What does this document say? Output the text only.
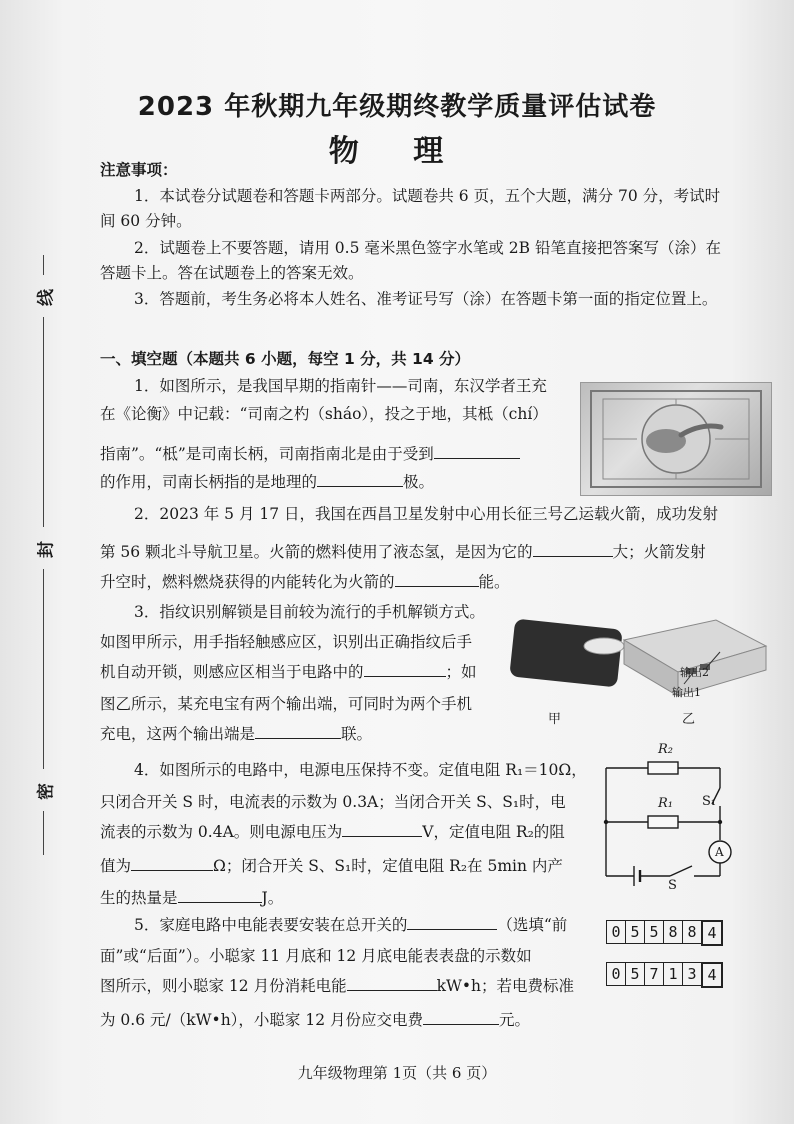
2023 年秋期九年级期终教学质量评估试卷
物 理
线
封
密
注意事项：
1．本试卷分试题卷和答题卡两部分。试题卷共 6 页，五个大题，满分 70 分，考试时
间 60 分钟。
2．试题卷上不要答题，请用 0.5 毫米黑色签字水笔或 2B 铅笔直接把答案写（涂）在
答题卡上。答在试题卷上的答案无效。
3．答题前，考生务必将本人姓名、准考证号写（涂）在答题卡第一面的指定位置上。
一、填空题（本题共 6 小题，每空 1 分，共 14 分）
1．如图所示，是我国早期的指南针——司南，东汉学者王充
在《论衡》中记载：“司南之杓（sháo），投之于地，其柢（chí）
指南”。“柢”是司南长柄，司南指南北是由于受到
的作用，司南长柄指的是地理的	极。
2．2023 年 5 月 17 日，我国在西昌卫星发射中心用长征三号乙运载火箭，成功发射
第 56 颗北斗导航卫星。火箭的燃料使用了液态氢，是因为它的	大；火箭发射
升空时，燃料燃烧获得的内能转化为火箭的	能。
3．指纹识别解锁是目前较为流行的手机解锁方式。
如图甲所示，用手指轻触感应区，识别出正确指纹后手
机自动开锁，则感应区相当于电路中的	；如
图乙所示，某充电宝有两个输出端，可同时为两个手机
充电，这两个输出端是	联。
输出2
输出1
甲	乙
4．如图所示的电路中，电源电压保持不变。定值电阻 R₁＝10Ω，
只闭合开关 S 时，电流表的示数为 0.3A；当闭合开关 S、S₁时，电
流表的示数为 0.4A。则电源电压为	V，定值电阻 R₂的阻
值为	Ω；闭合开关 S、S₁时，定值电阻 R₂在 5min 内产
生的热量是	J。
R₂
R₁ S₁
A
S
5．家庭电路中电能表要安装在总开关的	（选填“前
面”或“后面”）。小聪家 11 月底和 12 月底电能表表盘的示数如
图所示，则小聪家 12 月份消耗电能	kW•h；若电费标准
为 0.6 元/（kW•h），小聪家 12 月份应交电费	元。
0 5 5 8 8 4
0 5 7 1 3 4
九年级物理第 1页（共 6 页）
